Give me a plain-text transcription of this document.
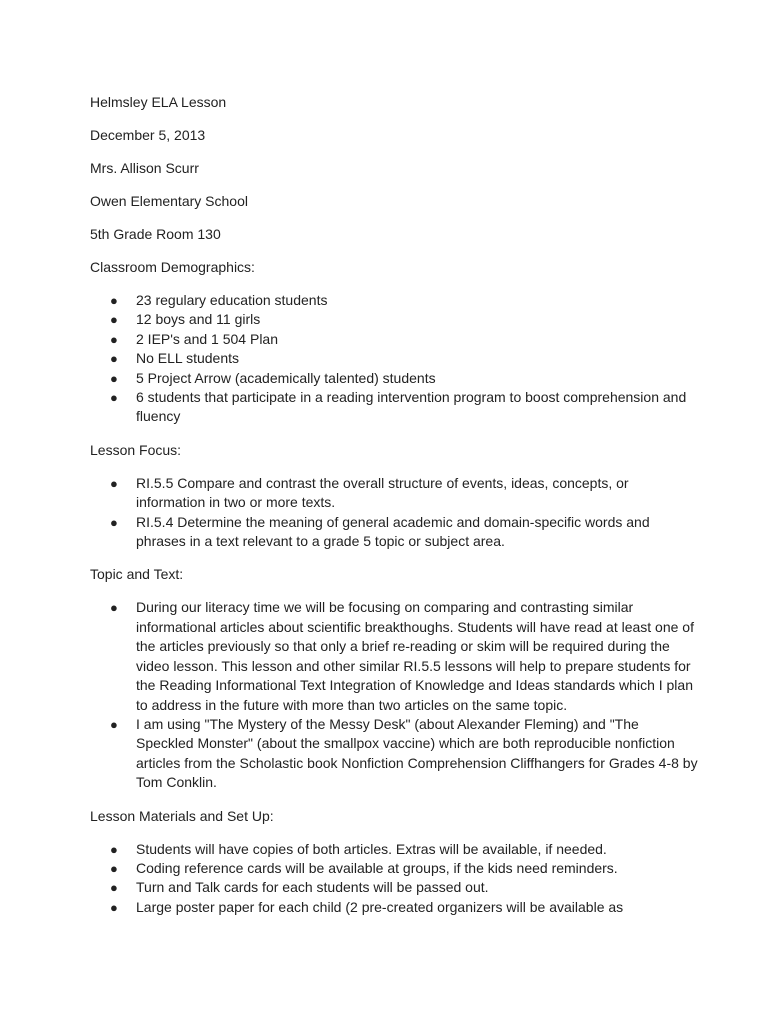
Helmsley ELA Lesson
December 5, 2013
Mrs. Allison Scurr
Owen Elementary School
5th Grade Room 130
Classroom Demographics:
● 23 regulary education students
● 12 boys and 11 girls
● 2 IEP's and 1 504 Plan
● No ELL students
● 5 Project Arrow (academically talented) students
● 6 students that participate in a reading intervention program to boost comprehension and fluency
Lesson Focus:
● RI.5.5 Compare and contrast the overall structure of events, ideas, concepts, or information in two or more texts.
● RI.5.4 Determine the meaning of general academic and domain-specific words and phrases in a text relevant to a grade 5 topic or subject area.
Topic and Text:
● During our literacy time we will be focusing on comparing and contrasting similar informational articles about scientific breakthoughs. Students will have read at least one of the articles previously so that only a brief re-reading or skim will be required during the video lesson. This lesson and other similar RI.5.5 lessons will help to prepare students for the Reading Informational Text Integration of Knowledge and Ideas standards which I plan to address in the future with more than two articles on the same topic.
● I am using "The Mystery of the Messy Desk" (about Alexander Fleming) and "The Speckled Monster" (about the smallpox vaccine) which are both reproducible nonfiction articles from the Scholastic book Nonfiction Comprehension Cliffhangers for Grades 4-8 by Tom Conklin.
Lesson Materials and Set Up:
● Students will have copies of both articles. Extras will be available, if needed.
● Coding reference cards will be available at groups, if the kids need reminders.
● Turn and Talk cards for each students will be passed out.
● Large poster paper for each child (2 pre-created organizers will be available as
